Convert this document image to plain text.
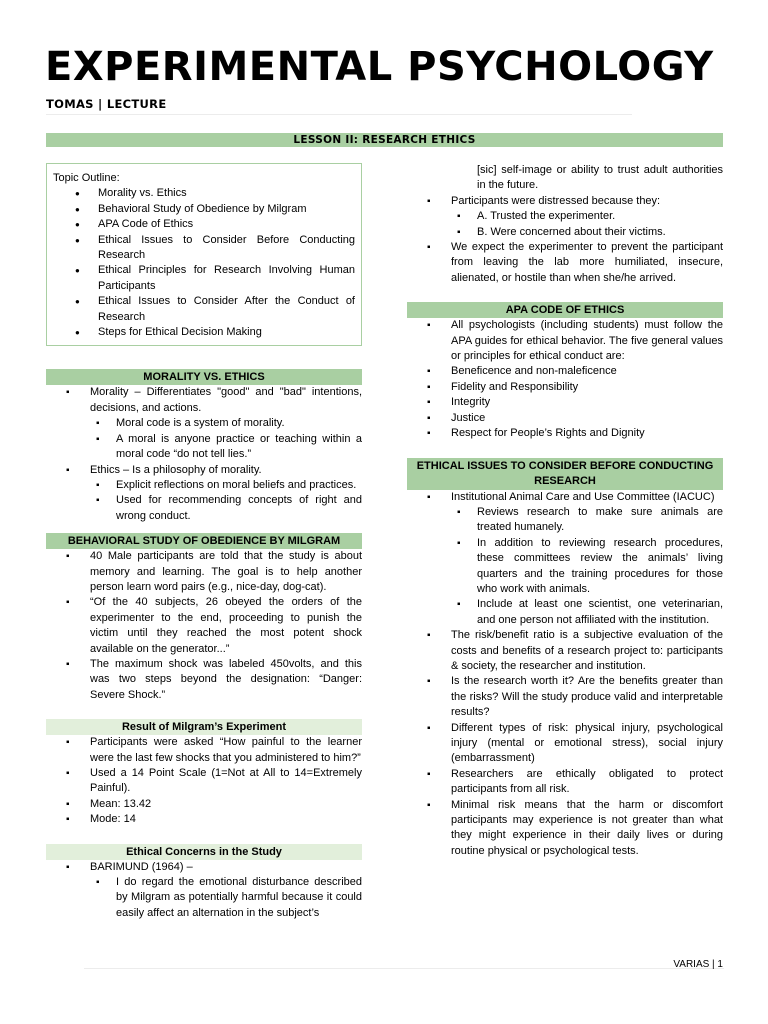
EXPERIMENTAL PSYCHOLOGY
TOMAS | LECTURE
LESSON II: RESEARCH ETHICS
Topic Outline:
● Morality vs. Ethics
● Behavioral Study of Obedience by Milgram
● APA Code of Ethics
● Ethical Issues to Consider Before Conducting Research
● Ethical Principles for Research Involving Human Participants
● Ethical Issues to Consider After the Conduct of Research
● Steps for Ethical Decision Making
MORALITY VS. ETHICS
▪ Morality – Differentiates "good" and "bad" intentions, decisions, and actions.
▪ Moral code is a system of morality.
▪ A moral is anyone practice or teaching within a moral code “do not tell lies.”
▪ Ethics – Is a philosophy of morality.
▪ Explicit reflections on moral beliefs and practices.
▪ Used for recommending concepts of right and wrong conduct.
BEHAVIORAL STUDY OF OBEDIENCE BY MILGRAM
▪ 40 Male participants are told that the study is about memory and learning. The goal is to help another person learn word pairs (e.g., nice-day, dog-cat).
▪ “Of the 40 subjects, 26 obeyed the orders of the experimenter to the end, proceeding to punish the victim until they reached the most potent shock available on the generator...”
▪ The maximum shock was labeled 450volts, and this was two steps beyond the designation: “Danger: Severe Shock.”
Result of Milgram’s Experiment
▪ Participants were asked “How painful to the learner were the last few shocks that you administered to him?”
▪ Used a 14 Point Scale (1=Not at All to 14=Extremely Painful).
▪ Mean: 13.42
▪ Mode: 14
Ethical Concerns in the Study
▪ BARIMUND (1964) –
▪ I do regard the emotional disturbance described by Milgram as potentially harmful because it could easily affect an alternation in the subject’s
[sic] self-image or ability to trust adult authorities in the future.
▪ Participants were distressed because they:
▪ A. Trusted the experimenter.
▪ B. Were concerned about their victims.
▪ We expect the experimenter to prevent the participant from leaving the lab more humiliated, insecure, alienated, or hostile than when she/he arrived.
APA CODE OF ETHICS
▪ All psychologists (including students) must follow the APA guides for ethical behavior. The five general values or principles for ethical conduct are:
▪ Beneficence and non-maleficence
▪ Fidelity and Responsibility
▪ Integrity
▪ Justice
▪ Respect for People’s Rights and Dignity
ETHICAL ISSUES TO CONSIDER BEFORE CONDUCTING RESEARCH
▪ Institutional Animal Care and Use Committee (IACUC)
▪ Reviews research to make sure animals are treated humanely.
▪ In addition to reviewing research procedures, these committees review the animals’ living quarters and the training procedures for those who work with animals.
▪ Include at least one scientist, one veterinarian, and one person not affiliated with the institution.
▪ The risk/benefit ratio is a subjective evaluation of the costs and benefits of a research project to: participants & society, the researcher and institution.
▪ Is the research worth it? Are the benefits greater than the risks? Will the study produce valid and interpretable results?
▪ Different types of risk: physical injury, psychological injury (mental or emotional stress), social injury (embarrassment)
▪ Researchers are ethically obligated to protect participants from all risk.
▪ Minimal risk means that the harm or discomfort participants may experience is not greater than what they might experience in their daily lives or during routine physical or psychological tests.
VARIAS | 1
